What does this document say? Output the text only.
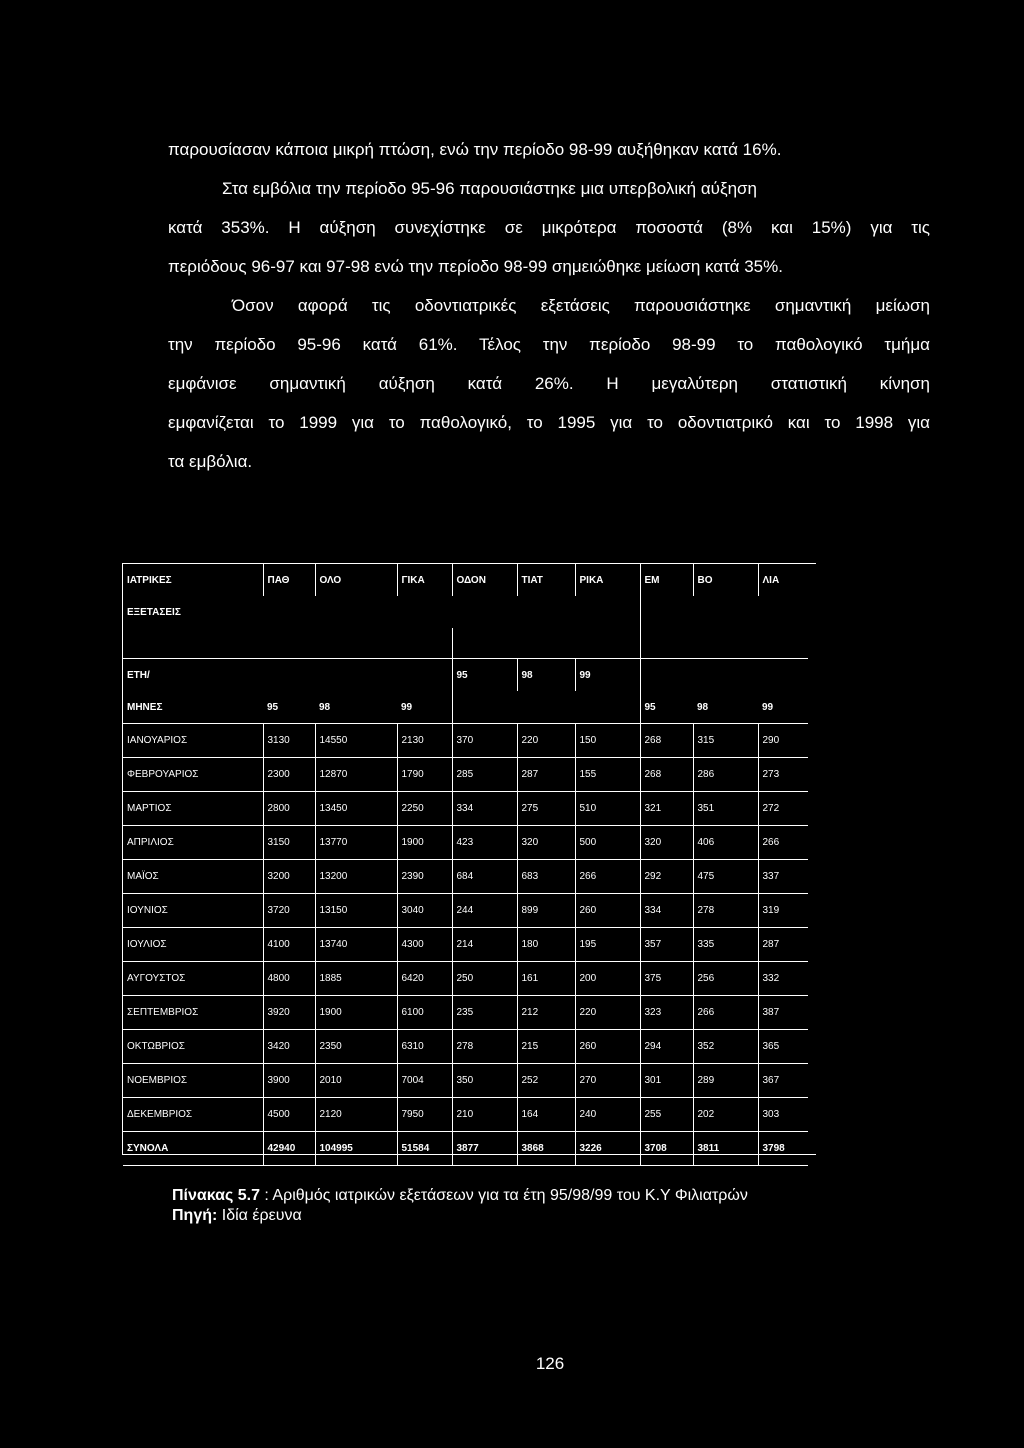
παρουσίασαν κάποια μικρή πτώση, ενώ την περίοδο 98-99 αυξήθηκαν κατά 16%.
Στα εμβόλια την περίοδο 95-96 παρουσιάστηκε μια υπερβολική αύξηση
κατά 353%. Η αύξηση συνεχίστηκε σε μικρότερα ποσοστά (8% και 15%) για τις
περιόδους 96-97 και 97-98 ενώ την περίοδο 98-99 σημειώθηκε μείωση κατά 35%.
Όσον αφορά τις οδοντιατρικές εξετάσεις παρουσιάστηκε σημαντική μείωση
την περίοδο 95-96 κατά 61%. Τέλος την περίοδο 98-99 το παθολογικό τμήμα
εμφάνισε σημαντική αύξηση κατά 26%. Η μεγαλύτερη στατιστική κίνηση
εμφανίζεται το 1999 για το παθολογικό, το 1995 για το οδοντιατρικό και το 1998 για
τα εμβόλια.
ΙΑΤΡΙΚΕΣ	ΠΑΘ	ΟΛΟ	ΓΙΚΑ	ΟΔΟΝ	ΤΙΑΤ	ΡΙΚΑ	ΕΜ	ΒΟ	ΛΙΑ
ΕΞΕΤΑΣΕΙΣ									

ΕΤΗ/				95	98	99			
ΜΗΝΕΣ	95	98	99				95	98	99
ΙΑΝΟΥΑΡΙΟΣ	3130	14550	2130	370	220	150	268	315	290
ΦΕΒΡΟΥΑΡΙΟΣ	2300	12870	1790	285	287	155	268	286	273
ΜΑΡΤΙΟΣ	2800	13450	2250	334	275	510	321	351	272
ΑΠΡΙΛΙΟΣ	3150	13770	1900	423	320	500	320	406	266
ΜΑΪΟΣ	3200	13200	2390	684	683	266	292	475	337
ΙΟΥΝΙΟΣ	3720	13150	3040	244	899	260	334	278	319
ΙΟΥΛΙΟΣ	4100	13740	4300	214	180	195	357	335	287
ΑΥΓΟΥΣΤΟΣ	4800	1885	6420	250	161	200	375	256	332
ΣΕΠΤΕΜΒΡΙΟΣ	3920	1900	6100	235	212	220	323	266	387
ΟΚΤΩΒΡΙΟΣ	3420	2350	6310	278	215	260	294	352	365
ΝΟΕΜΒΡΙΟΣ	3900	2010	7004	350	252	270	301	289	367
ΔΕΚΕΜΒΡΙΟΣ	4500	2120	7950	210	164	240	255	202	303
ΣΥΝΟΛΑ	42940	104995	51584	3877	3868	3226	3708	3811	3798
Πίνακας 5.7 : Αριθμός ιατρικών εξετάσεων για τα έτη 95/98/99 του Κ.Υ Φιλιατρών
Πηγή: Ιδία έρευνα
126
